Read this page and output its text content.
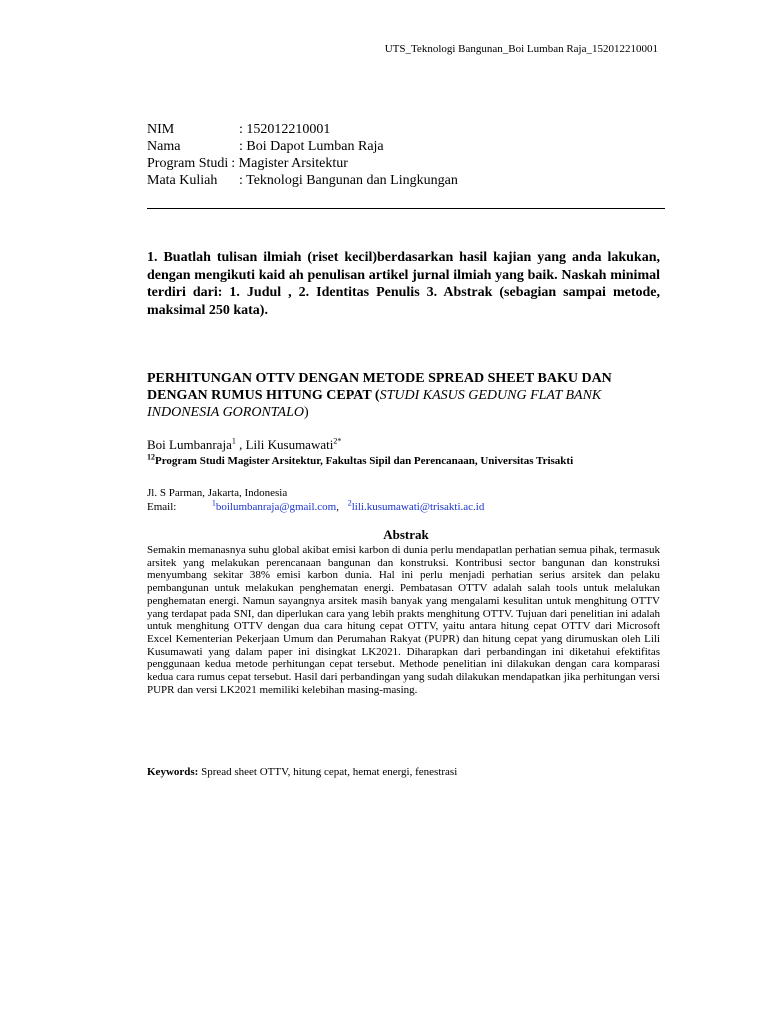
UTS_Teknologi Bangunan_Boi Lumban Raja_152012210001
NIM	: 152012210001
Nama	: Boi Dapot Lumban Raja
Program Studi : Magister Arsitektur
Mata Kuliah	: Teknologi Bangunan dan Lingkungan
1. Buatlah tulisan ilmiah (riset kecil)berdasarkan hasil kajian yang anda lakukan, dengan mengikuti kaid ah penulisan artikel jurnal ilmiah yang baik. Naskah minimal terdiri dari: 1. Judul , 2. Identitas Penulis 3. Abstrak (sebagian sampai metode, maksimal 250 kata).
PERHITUNGAN OTTV DENGAN METODE SPREAD SHEET BAKU DAN DENGAN RUMUS HITUNG CEPAT (STUDI KASUS GEDUNG FLAT BANK INDONESIA GORONTALO)
Boi Lumbanraja$^1$ , Lili Kusumawati$^{2*}$
$^{12}$Program Studi Magister Arsitektur, Fakultas Sipil dan Perencanaan, Universitas Trisakti
Jl. S Parman, Jakarta, Indonesia
Email:	$^1$boilumbanraja@gmail.com, $^2$lili.kusumawati@trisakti.ac.id
Abstrak
Semakin memanasnya suhu global akibat emisi karbon di dunia perlu mendapatlan perhatian semua pihak, termasuk arsitek yang melakukan perencanaan bangunan dan konstruksi. Kontribusi sector bangunan dan konstruksi menyumbang sekitar 38% emisi karbon dunia. Hal ini perlu menjadi perhatian serius arsitek dan pelaku pembangunan untuk melakukan penghematan energi. Pembatasan OTTV adalah salah tools untuk melalukan penghematan energi. Namun sayangnya arsitek masih banyak yang mengalami kesulitan untuk menghitung OTTV yang terdapat pada SNI, dan diperlukan cara yang lebih prakts menghitung OTTV. Tujuan dari penelitian ini adalah untuk menghitung OTTV dengan dua cara hitung cepat OTTV, yaitu antara hitung cepat OTTV dari Microsoft Excel Kementerian Pekerjaan Umum dan Perumahan Rakyat (PUPR) dan hitung cepat yang dirumuskan oleh Lili Kusumawati yang dalam paper ini disingkat LK2021. Diharapkan dari perbandingan ini diketahui efektifitas penggunaan kedua metode perhitungan cepat tersebut. Methode penelitian ini dilakukan dengan cara komparasi kedua cara rumus cepat tersebut. Hasil dari perbandingan yang sudah dilakukan mendapatkan jika perhitungan versi PUPR dan versi LK2021 memiliki kelebihan masing-masing.
Keywords: Spread sheet OTTV, hitung cepat, hemat energi, fenestrasi
